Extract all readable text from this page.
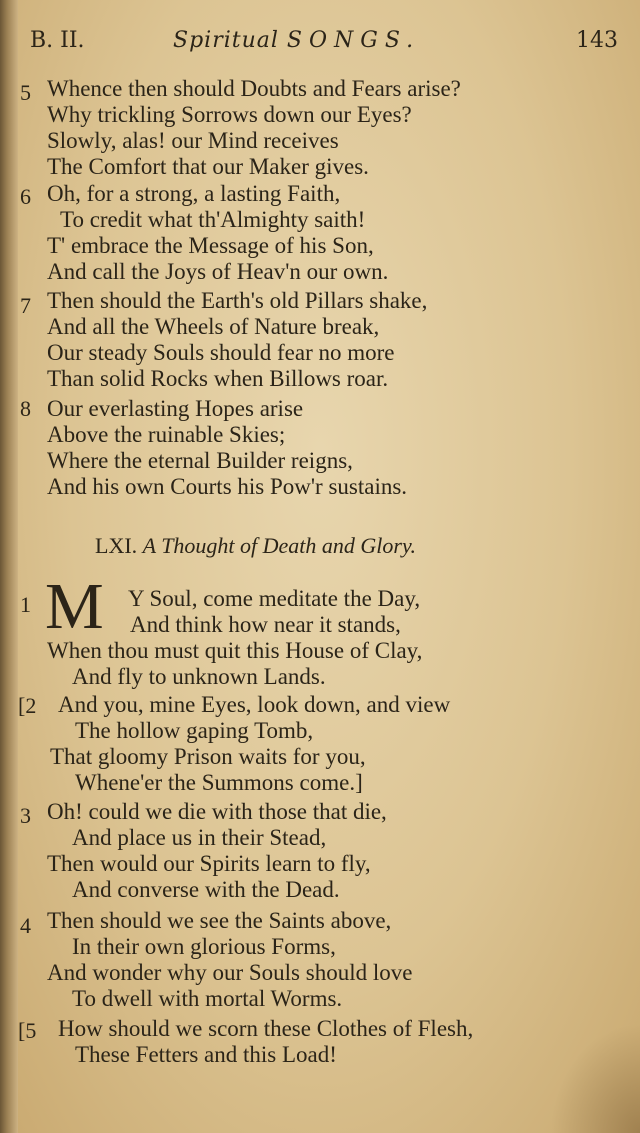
B. II.	Spiritual SONGS.	143
5 Whence then should Doubts and Fears arise?
Why trickling Sorrows down our Eyes?
Slowly, alas! our Mind receives
The Comfort that our Maker gives.
6 Oh, for a strong, a lasting Faith,
To credit what th'Almighty saith!
T' embrace the Message of his Son,
And call the Joys of Heav'n our own.
7 Then should the Earth's old Pillars shake,
And all the Wheels of Nature break,
Our steady Souls should fear no more
Than solid Rocks when Billows roar.
8 Our everlasting Hopes arise
Above the ruinable Skies;
Where the eternal Builder reigns,
And his own Courts his Pow'r sustains.
LXI. A Thought of Death and Glory.
1 M Y Soul, come meditate the Day,
And think how near it stands,
When thou must quit this House of Clay,
And fly to unknown Lands.
[2 And you, mine Eyes, look down, and view
The hollow gaping Tomb,
That gloomy Prison waits for you,
Whene'er the Summons come.]
3 Oh! could we die with those that die,
And place us in their Stead,
Then would our Spirits learn to fly,
And converse with the Dead.
4 Then should we see the Saints above,
In their own glorious Forms,
And wonder why our Souls should love
To dwell with mortal Worms.
[5 How should we scorn these Clothes of Flesh,
These Fetters and this Load!
